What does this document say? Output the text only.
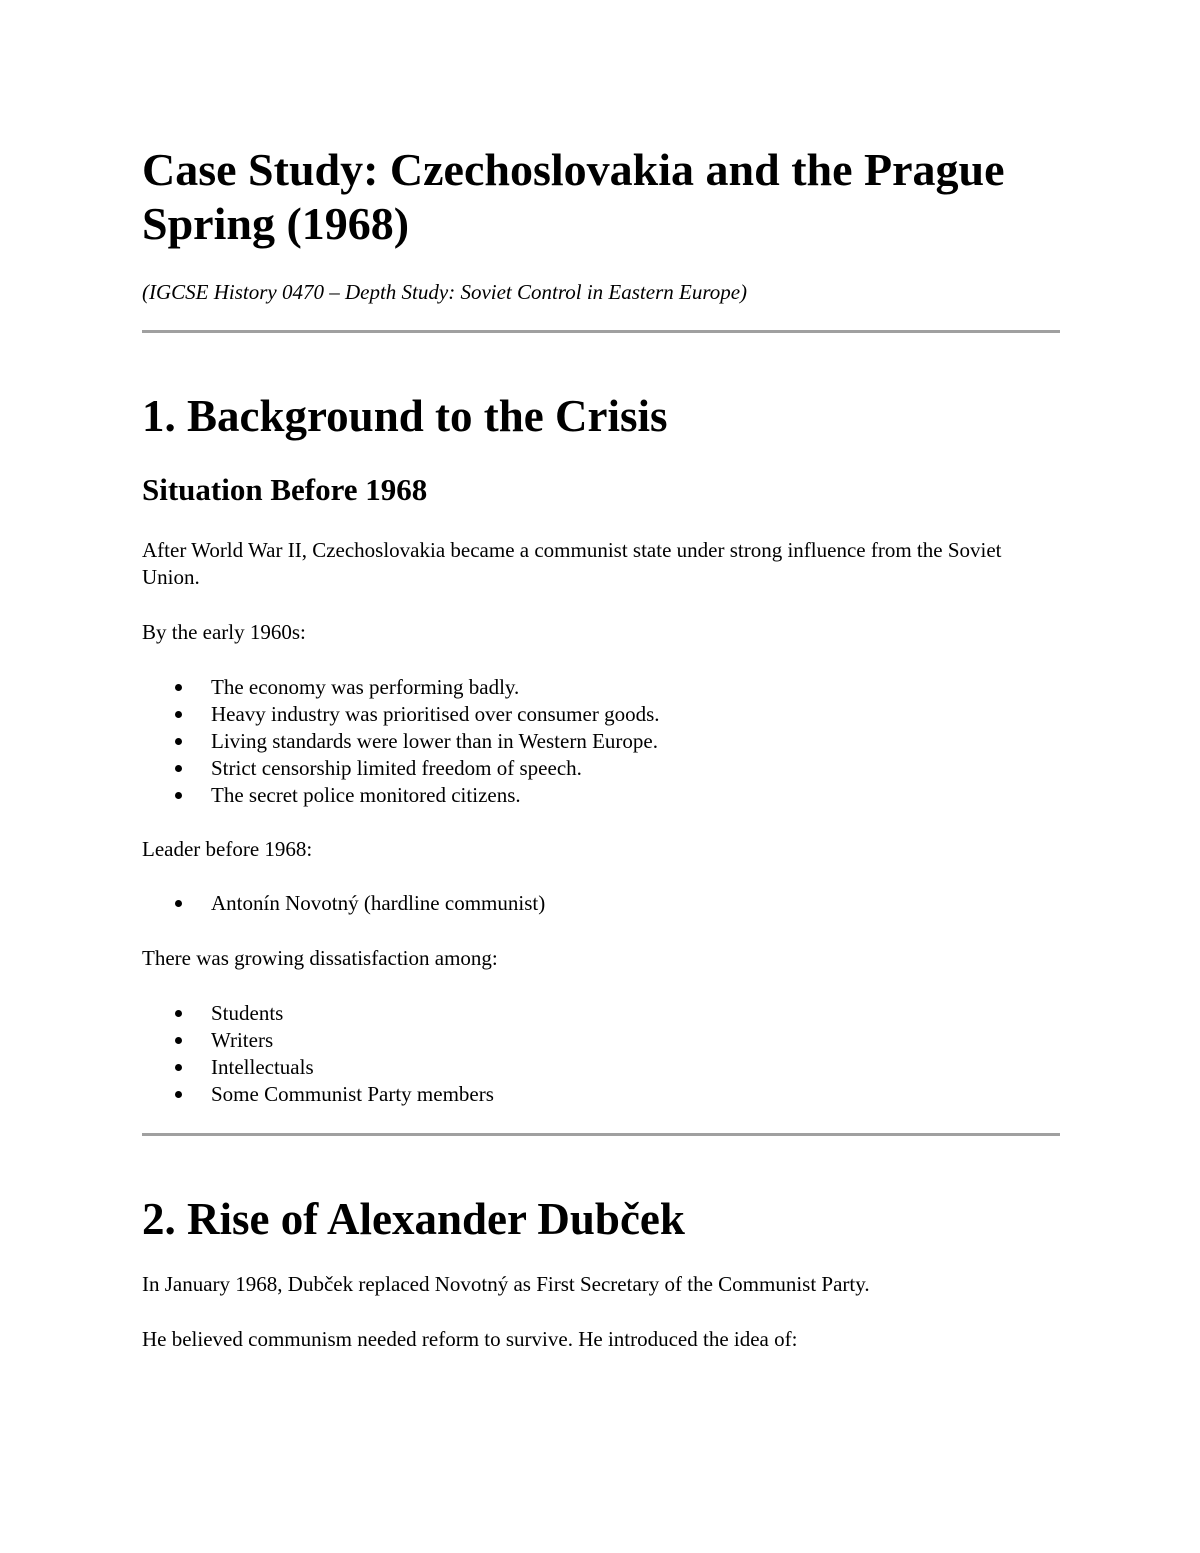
Case Study: Czechoslovakia and the Prague Spring (1968)

(IGCSE History 0470 – Depth Study: Soviet Control in Eastern Europe)

1. Background to the Crisis
Situation Before 1968

After World War II, Czechoslovakia became a communist state under strong influence from the Soviet Union.

By the early 1960s:

The economy was performing badly.
Heavy industry was prioritised over consumer goods.
Living standards were lower than in Western Europe.
Strict censorship limited freedom of speech.
The secret police monitored citizens.

Leader before 1968:

Antonín Novotný (hardline communist)

There was growing dissatisfaction among:

Students
Writers
Intellectuals
Some Communist Party members
2. Rise of Alexander Dubček

In January 1968, Dubček replaced Novotný as First Secretary of the Communist Party.

He believed communism needed reform to survive. He introduced the idea of:
